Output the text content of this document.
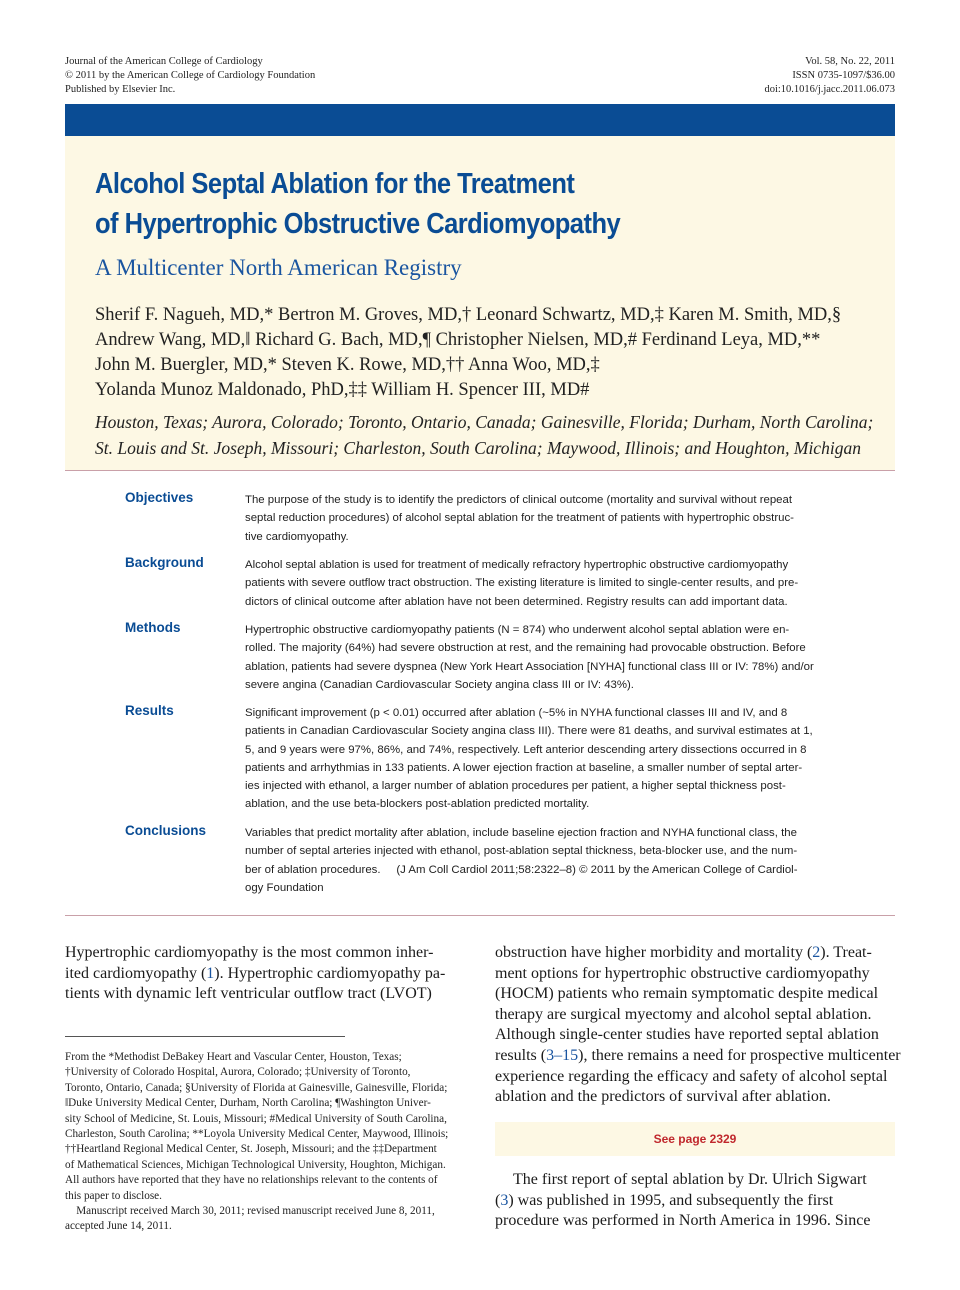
Journal of the American College of Cardiology
© 2011 by the American College of Cardiology Foundation
Published by Elsevier Inc.
Vol. 58, No. 22, 2011
ISSN 0735-1097/$36.00
doi:10.1016/j.jacc.2011.06.073
Alcohol Septal Ablation for the Treatment
of Hypertrophic Obstructive Cardiomyopathy
A Multicenter North American Registry
Sherif F. Nagueh, MD,* Bertron M. Groves, MD,† Leonard Schwartz, MD,‡ Karen M. Smith, MD,§
Andrew Wang, MD,‖ Richard G. Bach, MD,¶ Christopher Nielsen, MD,# Ferdinand Leya, MD,**
John M. Buergler, MD,* Steven K. Rowe, MD,†† Anna Woo, MD,‡
Yolanda Munoz Maldonado, PhD,‡‡ William H. Spencer III, MD#
Houston, Texas; Aurora, Colorado; Toronto, Ontario, Canada; Gainesville, Florida; Durham, North Carolina;
St. Louis and St. Joseph, Missouri; Charleston, South Carolina; Maywood, Illinois; and Houghton, Michigan
Objectives	The purpose of the study is to identify the predictors of clinical outcome (mortality and survival without repeat
septal reduction procedures) of alcohol septal ablation for the treatment of patients with hypertrophic obstruc-
tive cardiomyopathy.
Background	Alcohol septal ablation is used for treatment of medically refractory hypertrophic obstructive cardiomyopathy
patients with severe outflow tract obstruction. The existing literature is limited to single-center results, and pre-
dictors of clinical outcome after ablation have not been determined. Registry results can add important data.
Methods	Hypertrophic obstructive cardiomyopathy patients (N = 874) who underwent alcohol septal ablation were en-
rolled. The majority (64%) had severe obstruction at rest, and the remaining had provocable obstruction. Before
ablation, patients had severe dyspnea (New York Heart Association [NYHA] functional class III or IV: 78%) and/or
severe angina (Canadian Cardiovascular Society angina class III or IV: 43%).
Results	Significant improvement (p < 0.01) occurred after ablation (~5% in NYHA functional classes III and IV, and 8
patients in Canadian Cardiovascular Society angina class III). There were 81 deaths, and survival estimates at 1,
5, and 9 years were 97%, 86%, and 74%, respectively. Left anterior descending artery dissections occurred in 8
patients and arrhythmias in 133 patients. A lower ejection fraction at baseline, a smaller number of septal arter-
ies injected with ethanol, a larger number of ablation procedures per patient, a higher septal thickness post-
ablation, and the use beta-blockers post-ablation predicted mortality.
Conclusions	Variables that predict mortality after ablation, include baseline ejection fraction and NYHA functional class, the
number of septal arteries injected with ethanol, post-ablation septal thickness, beta-blocker use, and the num-
ber of ablation procedures.     (J Am Coll Cardiol 2011;58:2322–8) © 2011 by the American College of Cardiol-
ogy Foundation
Hypertrophic cardiomyopathy is the most common inher-
ited cardiomyopathy (1). Hypertrophic cardiomyopathy pa-
tients with dynamic left ventricular outflow tract (LVOT)
From the *Methodist DeBakey Heart and Vascular Center, Houston, Texas;
†University of Colorado Hospital, Aurora, Colorado; ‡University of Toronto,
Toronto, Ontario, Canada; §University of Florida at Gainesville, Gainesville, Florida;
‖Duke University Medical Center, Durham, North Carolina; ¶Washington Univer-
sity School of Medicine, St. Louis, Missouri; #Medical University of South Carolina,
Charleston, South Carolina; **Loyola University Medical Center, Maywood, Illinois;
††Heartland Regional Medical Center, St. Joseph, Missouri; and the ‡‡Department
of Mathematical Sciences, Michigan Technological University, Houghton, Michigan.
All authors have reported that they have no relationships relevant to the contents of
this paper to disclose.
Manuscript received March 30, 2011; revised manuscript received June 8, 2011,
accepted June 14, 2011.
obstruction have higher morbidity and mortality (2). Treat-
ment options for hypertrophic obstructive cardiomyopathy
(HOCM) patients who remain symptomatic despite medical
therapy are surgical myectomy and alcohol septal ablation.
Although single-center studies have reported septal ablation
results (3–15), there remains a need for prospective multicenter
experience regarding the efficacy and safety of alcohol septal
ablation and the predictors of survival after ablation.
See page 2329
The first report of septal ablation by Dr. Ulrich Sigwart
(3) was published in 1995, and subsequently the first
procedure was performed in North America in 1996. Since
